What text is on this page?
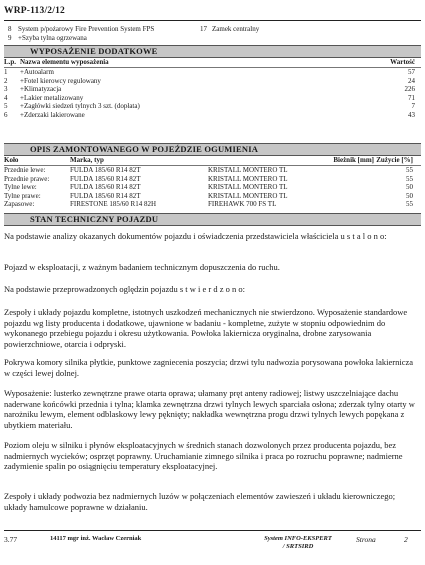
WRP-113/2/12
8 System p/pożarowy Fire Prevention System FPS	17 Zamek centralny
9 +Szyba tylna ogrzewana
WYPOSAŻENIE DODATKOWE
L.p. Nazwa elementu wyposażenia	Wartość
1	+Autoalarm	57
2	+Fotel kierowcy regulowany	24
3	+Klimatyzacja	226
4	+Lakier metalizowany	71
5	+Zagłówki siedzeń tylnych 3 szt. (dopłata)	7
6	+Zderzaki lakierowane	43
OPIS ZAMONTOWANEGO W POJEŹDZIE OGUMIENIA
Koło	Marka, typ	Bieżnik [mm] Zużycie [%]
Przednie lewe:	FULDA 185/60 R14 82T	KRISTALL MONTERO TL	55
Przednie prawe:	FULDA 185/60 R14 82T	KRISTALL MONTERO TL	55
Tylne lewe:	FULDA 185/60 R14 82T	KRISTALL MONTERO TL	50
Tylne prawe:	FULDA 185/60 R14 82T	KRISTALL MONTERO TL	50
Zapasowe:	FIRESTONE 185/60 R14 82H	FIREHAWK 700 FS TL	55
STAN TECHNICZNY POJAZDU
Na podstawie analizy okazanych dokumentów pojazdu i oświadczenia przedstawiciela właściciela u s t a l o n o:
Pojazd w eksploatacji, z ważnym badaniem technicznym dopuszczenia do ruchu.
Na podstawie przeprowadzonych oględzin pojazdu s t w i e r d z o n o:
Zespoły i układy pojazdu kompletne, istotnych uszkodzeń mechanicznych nie stwierdzono. Wyposażenie standardowe pojazdu wg listy producenta i dodatkowe, ujawnione w badaniu - kompletne, zużyte w stopniu odpowiednim do wykonanego przebiegu pojazdu i okresu użytkowania. Powłoka lakiernicza oryginalna, drobne zarysowania powierzchniowe, otarcia i odpryski.
Pokrywa komory silnika płytkie, punktowe zagniecenia poszycia; drzwi tylu nadwozia porysowana powłoka lakiernicza w części lewej dolnej.
Wyposażenie: lusterko zewnętrzne prawe otarta oprawa; ułamany pręt anteny radiowej; listwy uszczelniające dachu naderwane końcówki przednia i tylna; klamka zewnętrzna drzwi tylnych lewych sparciała osłona; zderzak tylny otarty w narożniku lewym, element odblaskowy lewy pęknięty; nakładka wewnętrzna progu drzwi tylnych lewych popękana z ubytkiem materiału.
Poziom oleju w silniku i płynów eksploatacyjnych w średnich stanach dozwolonych przez producenta pojazdu, bez nadmiernych wycieków; osprzęt poprawny. Uruchamianie zimnego silnika i praca po rozruchu poprawne; nadmierne zadymienie spalin po osiągnięciu temperatury eksploatacyjnej.
Zespoły i układy podwozia bez nadmiernych luzów w połączeniach elementów zawieszeń i układu kierowniczego; układy hamulcowe poprawne w działaniu.
3.77	14117 mgr inż. Wacław Czerniak	System INFO-EKSPERT
/ SRTSIRD
Strona	2
